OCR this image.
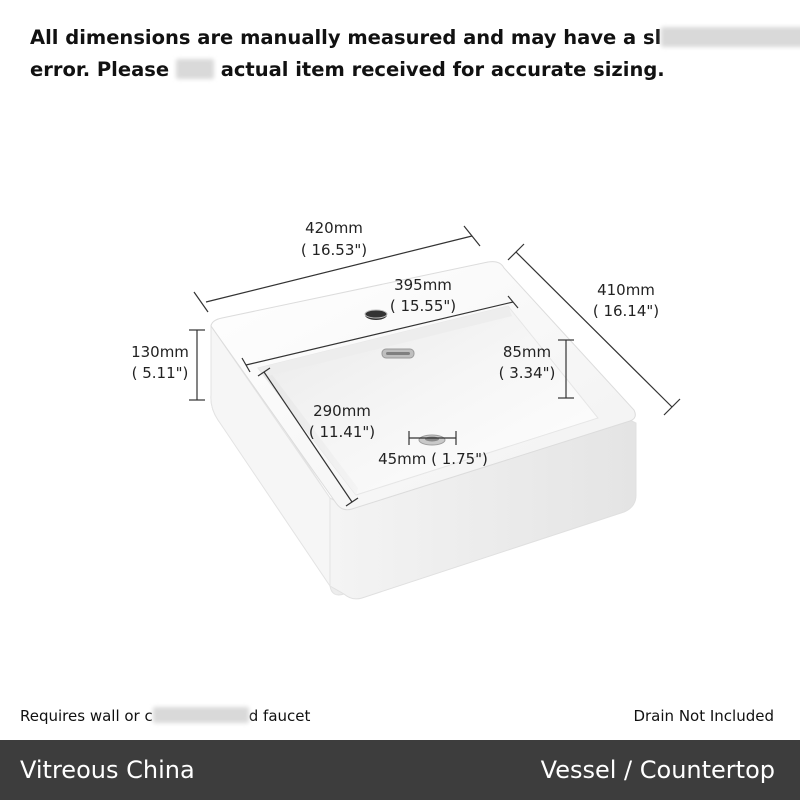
All dimensions are manually measured and may have a sl
error. Please	actual item received for accurate sizing.
420mm
( 16.53")
395mm
( 15.55")
410mm
( 16.14")
130mm
( 5.11")
85mm
( 3.34")
290mm
( 11.41")
45mm ( 1.75")
Requires wall or c	d faucet	Drain Not Included
Vitreous China	Vessel / Countertop
